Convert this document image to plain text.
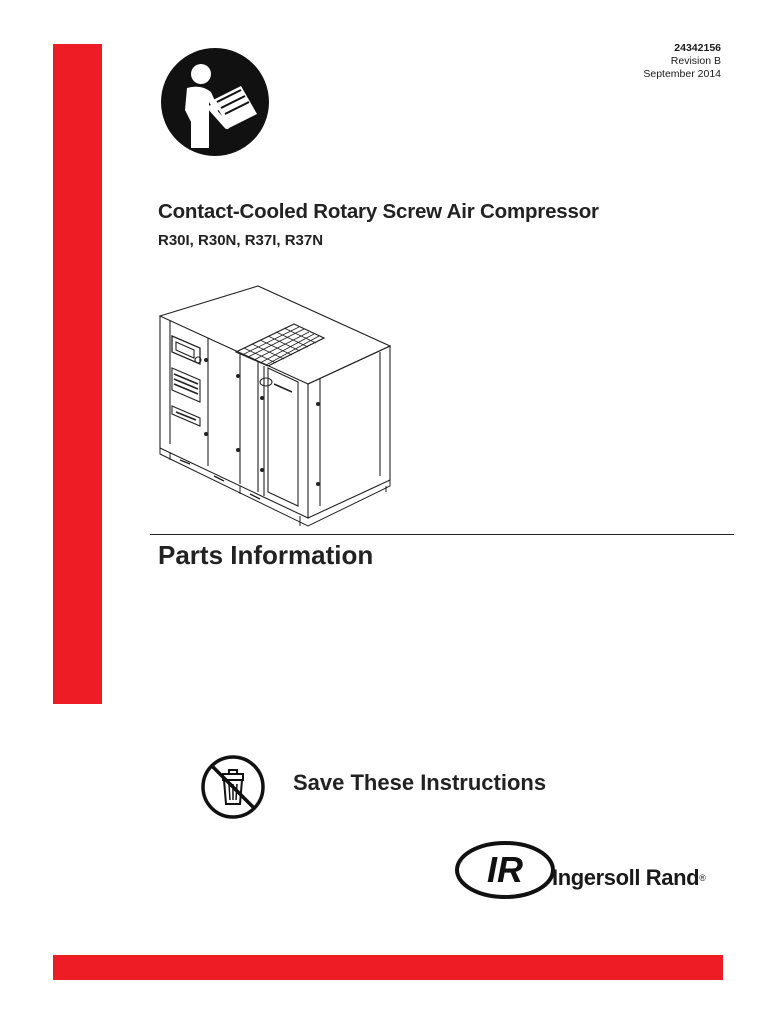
24342156
Revision B
September 2014
Contact-Cooled Rotary Screw Air Compressor
R30I, R30N, R37I, R37N
Parts Information
Save These Instructions
IR Ingersoll Rand®
